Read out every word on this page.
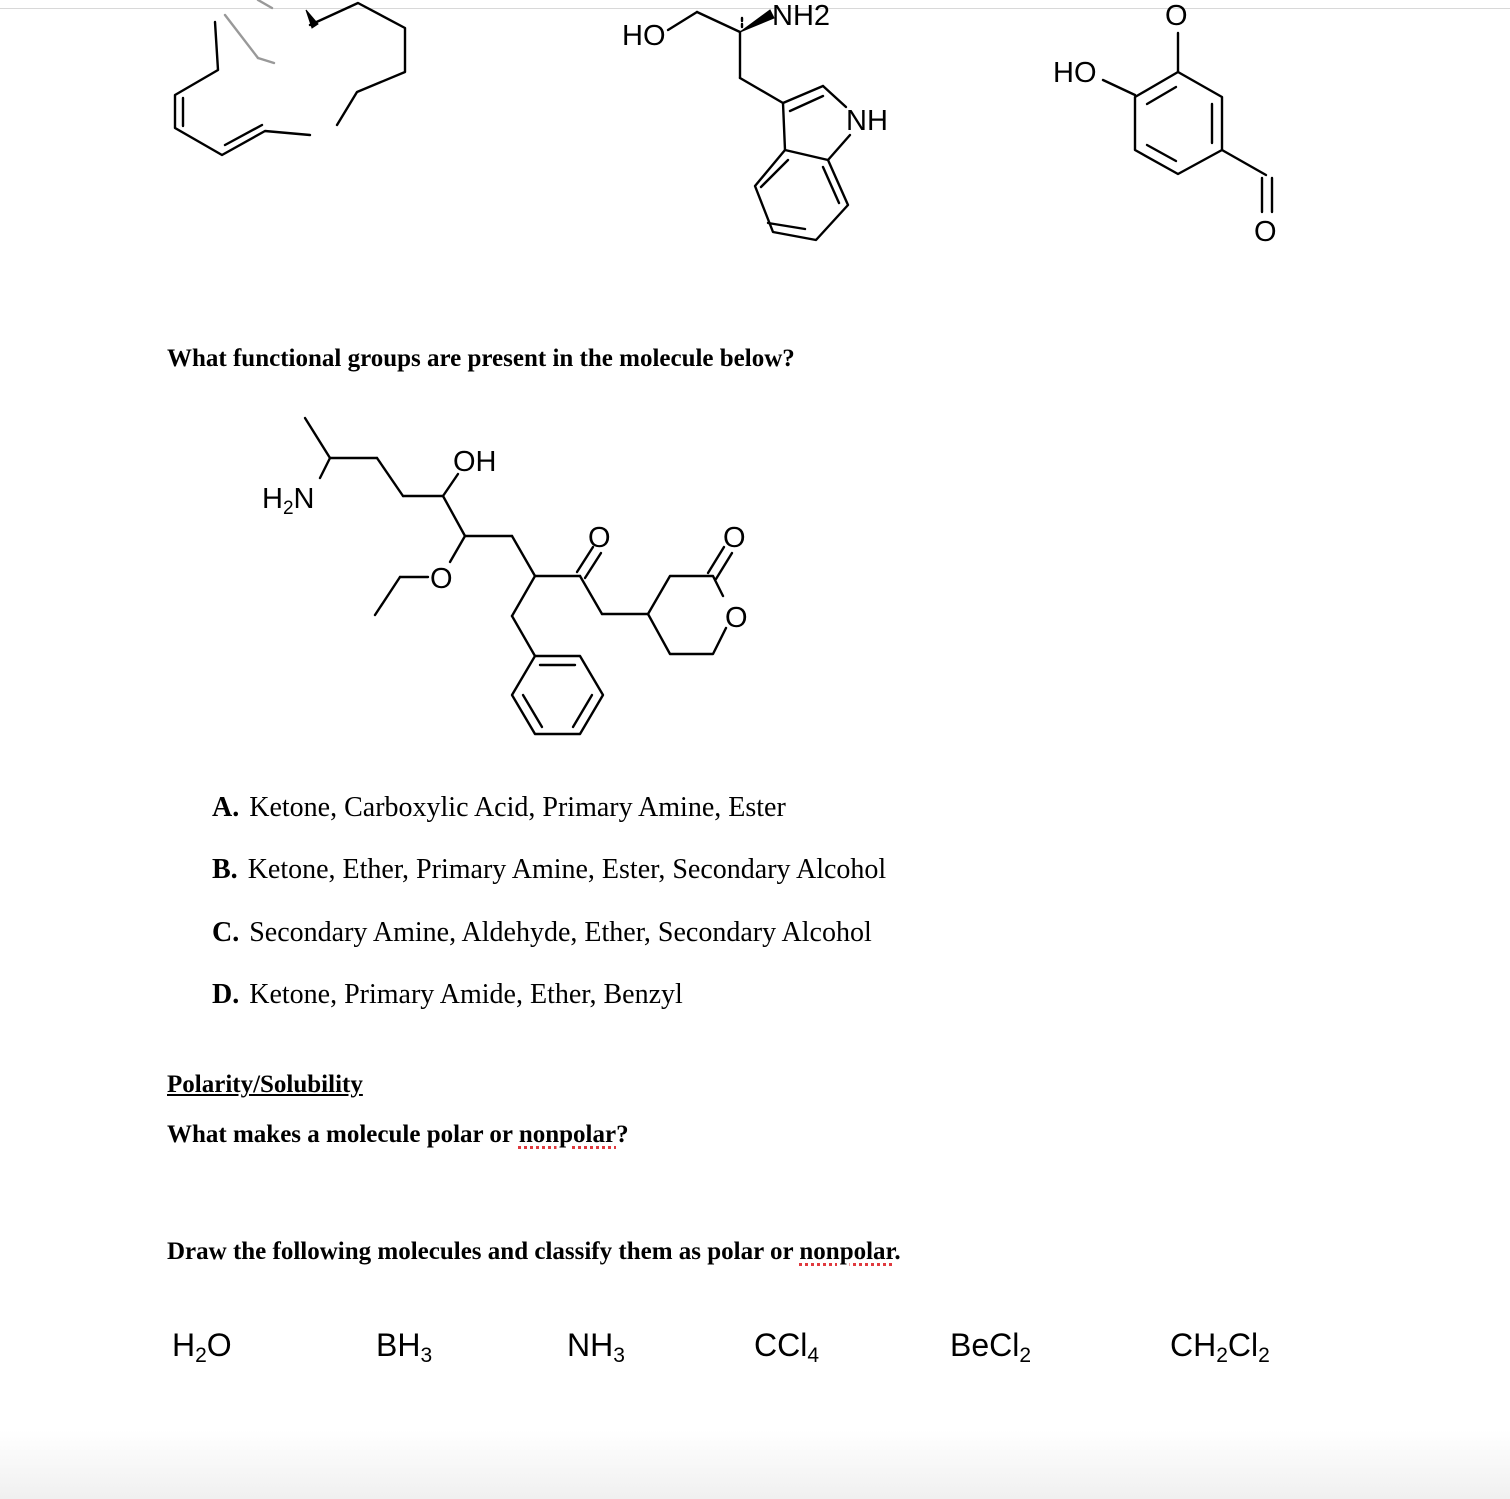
HO
NH2
NH
O
HO
O
$H_2N$
OH
O
O
O
O
What functional groups are present in the molecule below?
A. Ketone, Carboxylic Acid, Primary Amine, Ester
B. Ketone, Ether, Primary Amine, Ester, Secondary Alcohol
C. Secondary Amine, Aldehyde, Ether, Secondary Alcohol
D. Ketone, Primary Amide, Ether, Benzyl
Polarity/Solubility
What makes a molecule polar or nonpolar?
Draw the following molecules and classify them as polar or nonpolar.
$H_2O$	$BH_3$	$NH_3$	CCl$_4$	BeCl$_2$	$CH_2Cl_2$
